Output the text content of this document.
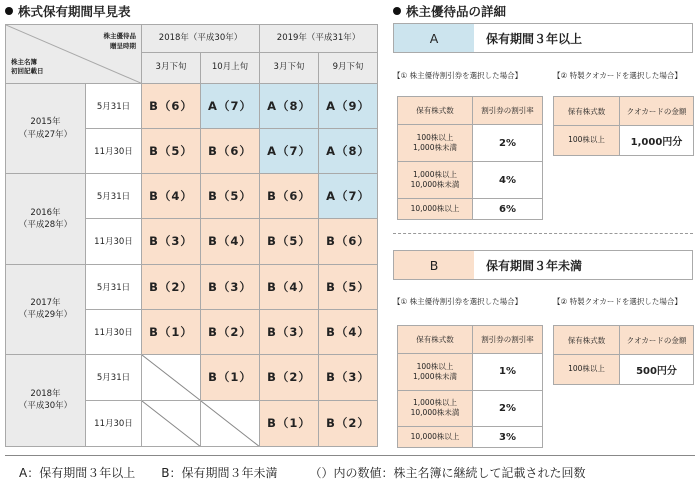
株式保有期間早見表	株主優待品の詳細
株主優待品
贈呈時期
株主名簿
初回記載日		2018年（平成30年）		2019年（平成31年）	
		3月下旬	10月上旬	3月下旬	9月下旬

2015年
（平成27年）	5月31日	B（6）	A（7）	A（8）	A（9）
	11月30日	B（5）	B（6）	A（7）	A（8）

2016年
（平成28年）	5月31日	B（4）	B（5）	B（6）	A（7）
	11月30日	B（3）	B（4）	B（5）	B（6）

2017年
（平成29年）	5月31日	B（2）	B（3）	B（4）	B（5）
	11月30日	B（1）	B（2）	B（3）	B（4）

2018年
（平成30年）	5月31日		B（1）	B（2）	B（3）
	11月30日			B（1）	B（2）
A	保有期間３年以上
【① 株主優待割引券を選択した場合】	【② 特製クオカードを選択した場合】
保有株式数	割引券の割引率

100株以上
1,000株未満	2%

1,000株以上
10,000株未満	4%

10,000株以上	6%
保有株式数	クオカードの金額
100株以上	1,000円分
B	保有期間３年未満
【① 株主優待割引券を選択した場合】	【② 特製クオカードを選択した場合】
保有株式数	割引券の割引率

100株以上
1,000株未満	1%

1,000株以上
10,000株未満	2%

10,000株以上	3%
保有株式数	クオカードの金額
100株以上	500円分
A：保有期間３年以上 B：保有期間３年未満	（）内の数値：株主名簿に継続して記載された回数
